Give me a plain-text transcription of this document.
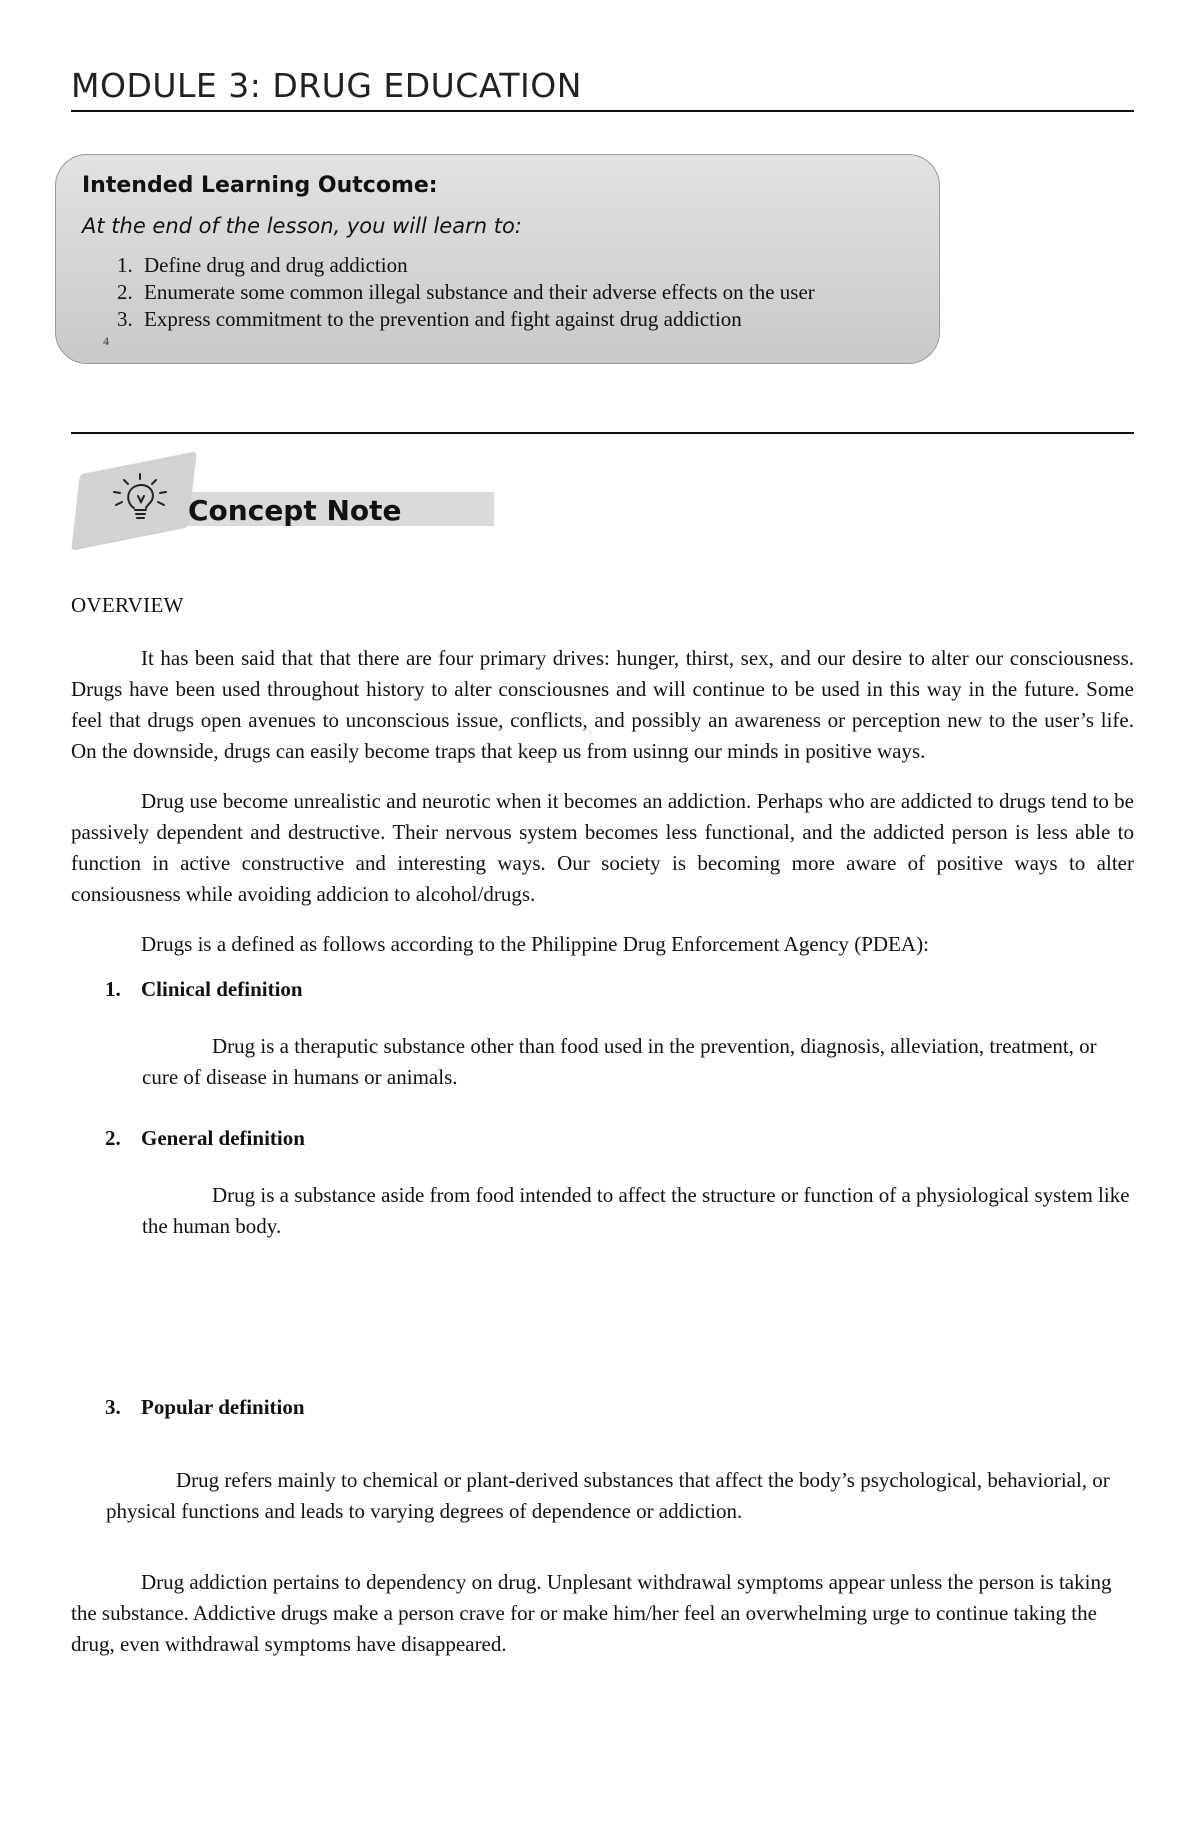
MODULE 3: DRUG EDUCATION

Intended Learning Outcome:

At the end of the lesson, you will learn to:

1. Define drug and drug addiction
2. Enumerate some common illegal substance and their adverse effects on the user
3. Express commitment to the prevention and fight against drug addiction
4

Concept Note

OVERVIEW

It has been said that that there are four primary drives: hunger, thirst, sex, and our desire to alter our consciousness. Drugs have been used throughout history to alter consciousnes and will continue to be used in this way in the future. Some feel that drugs open avenues to unconscious issue, conflicts, and possibly an awareness or perception new to the user’s life. On the downside, drugs can easily become traps that keep us from usinng our minds in positive ways.

Drug use become unrealistic and neurotic when it becomes an addiction. Perhaps who are addicted to drugs tend to be passively dependent and destructive. Their nervous system becomes less functional, and the addicted person is less able to function in active constructive and interesting ways. Our society is becoming more aware of positive ways to alter consiousness while avoiding addicion to alcohol/drugs.

Drugs is a defined as follows according to the Philippine Drug Enforcement Agency (PDEA):

1. Clinical definition

Drug is a theraputic substance other than food used in the prevention, diagnosis, alleviation, treatment, or cure of disease in humans or animals.

2. General definition

Drug is a substance aside from food intended to affect the structure or function of a physiological system like the human body.

3. Popular definition

Drug refers mainly to chemical or plant-derived substances that affect the body’s psychological, behaviorial, or physical functions and leads to varying degrees of dependence or addiction.

Drug addiction pertains to dependency on drug. Unplesant withdrawal symptoms appear unless the person is taking the substance. Addictive drugs make a person crave for or make him/her feel an overwhelming urge to continue taking the drug, even withdrawal symptoms have disappeared.
